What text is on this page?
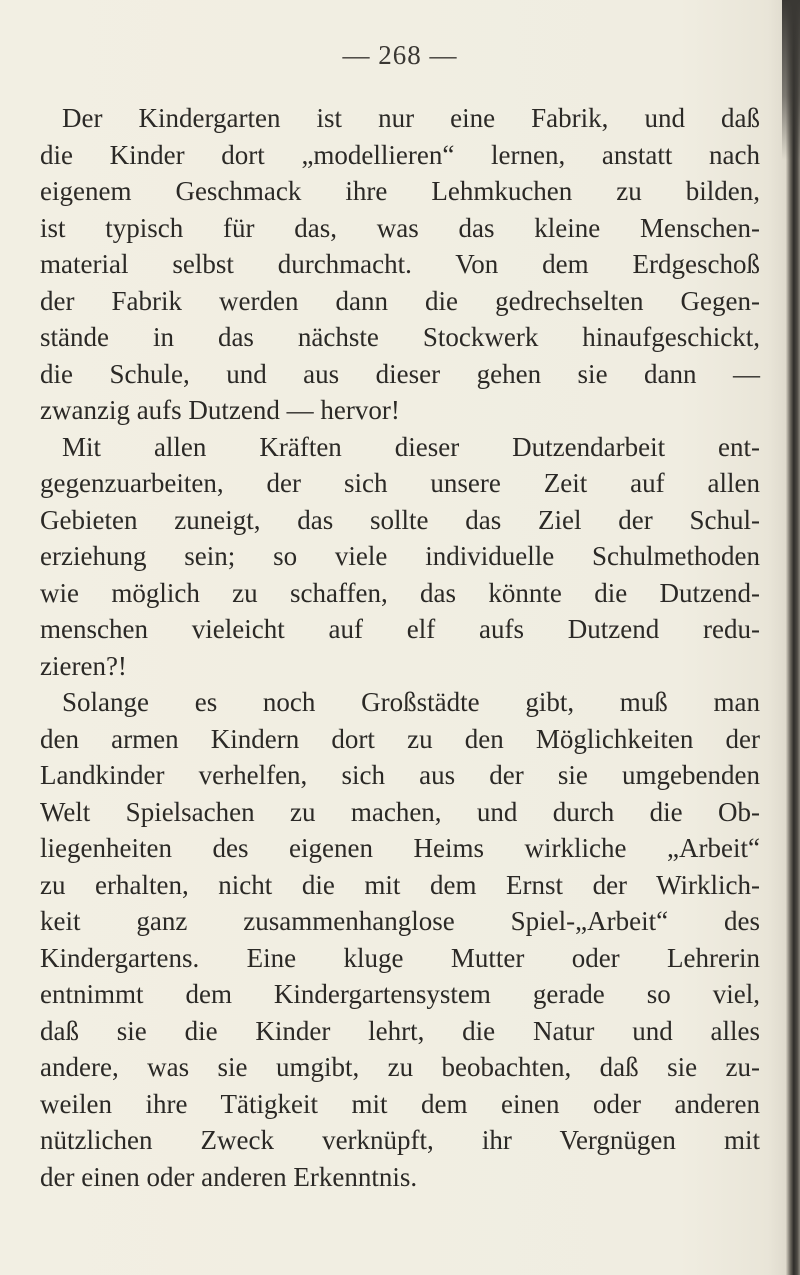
— 268 —
Der Kindergarten ist nur eine Fabrik, und daß
die Kinder dort „modellieren“ lernen, anstatt nach
eigenem Geschmack ihre Lehmkuchen zu bilden,
ist typisch für das, was das kleine Menschen-
material selbst durchmacht. Von dem Erdgeschoß
der Fabrik werden dann die gedrechselten Gegen-
stände in das nächste Stockwerk hinaufgeschickt,
die Schule, und aus dieser gehen sie dann —
zwanzig aufs Dutzend — hervor!
Mit allen Kräften dieser Dutzendarbeit ent-
gegenzuarbeiten, der sich unsere Zeit auf allen
Gebieten zuneigt, das sollte das Ziel der Schul-
erziehung sein; so viele individuelle Schulmethoden
wie möglich zu schaffen, das könnte die Dutzend-
menschen vieleicht auf elf aufs Dutzend redu-
zieren?!
Solange es noch Großstädte gibt, muß man
den armen Kindern dort zu den Möglichkeiten der
Landkinder verhelfen, sich aus der sie umgebenden
Welt Spielsachen zu machen, und durch die Ob-
liegenheiten des eigenen Heims wirkliche „Arbeit“
zu erhalten, nicht die mit dem Ernst der Wirklich-
keit ganz zusammenhanglose Spiel-„Arbeit“ des
Kindergartens. Eine kluge Mutter oder Lehrerin
entnimmt dem Kindergartensystem gerade so viel,
daß sie die Kinder lehrt, die Natur und alles
andere, was sie umgibt, zu beobachten, daß sie zu-
weilen ihre Tätigkeit mit dem einen oder anderen
nützlichen Zweck verknüpft, ihr Vergnügen mit
der einen oder anderen Erkenntnis.
